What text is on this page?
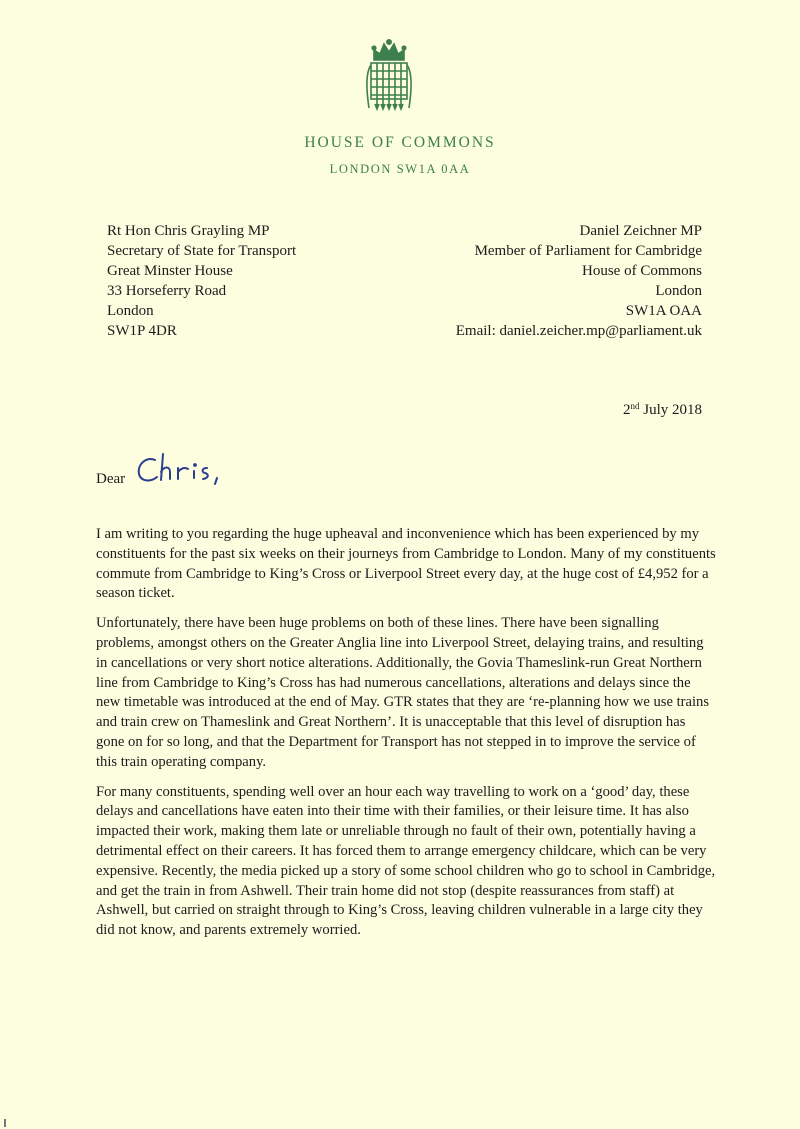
HOUSE OF COMMONS
LONDON SW1A 0AA
Rt Hon Chris Grayling MP
Secretary of State for Transport
Great Minster House
33 Horseferry Road
London
SW1P 4DR
Daniel Zeichner MP
Member of Parliament for Cambridge
House of Commons
London
SW1A OAA
Email: daniel.zeicher.mp@parliament.uk
2nd July 2018
Dear

I am writing to you regarding the huge upheaval and inconvenience which has been experienced by my constituents for the past six weeks on their journeys from Cambridge to London. Many of my constituents commute from Cambridge to King’s Cross or Liverpool Street every day, at the huge cost of £4,952 for a season ticket.

Unfortunately, there have been huge problems on both of these lines. There have been signalling problems, amongst others on the Greater Anglia line into Liverpool Street, delaying trains, and resulting in cancellations or very short notice alterations. Additionally, the Govia Thameslink-run Great Northern line from Cambridge to King’s Cross has had numerous cancellations, alterations and delays since the new timetable was introduced at the end of May. GTR states that they are ‘re-planning how we use trains and train crew on Thameslink and Great Northern’. It is unacceptable that this level of disruption has gone on for so long, and that the Department for Transport has not stepped in to improve the service of this train operating company.

For many constituents, spending well over an hour each way travelling to work on a ‘good’ day, these delays and cancellations have eaten into their time with their families, or their leisure time. It has also impacted their work, making them late or unreliable through no fault of their own, potentially having a detrimental effect on their careers. It has forced them to arrange emergency childcare, which can be very expensive. Recently, the media picked up a story of some school children who go to school in Cambridge, and get the train in from Ashwell. Their train home did not stop (despite reassurances from staff) at Ashwell, but carried on straight through to King’s Cross, leaving children vulnerable in a large city they did not know, and parents extremely worried.
